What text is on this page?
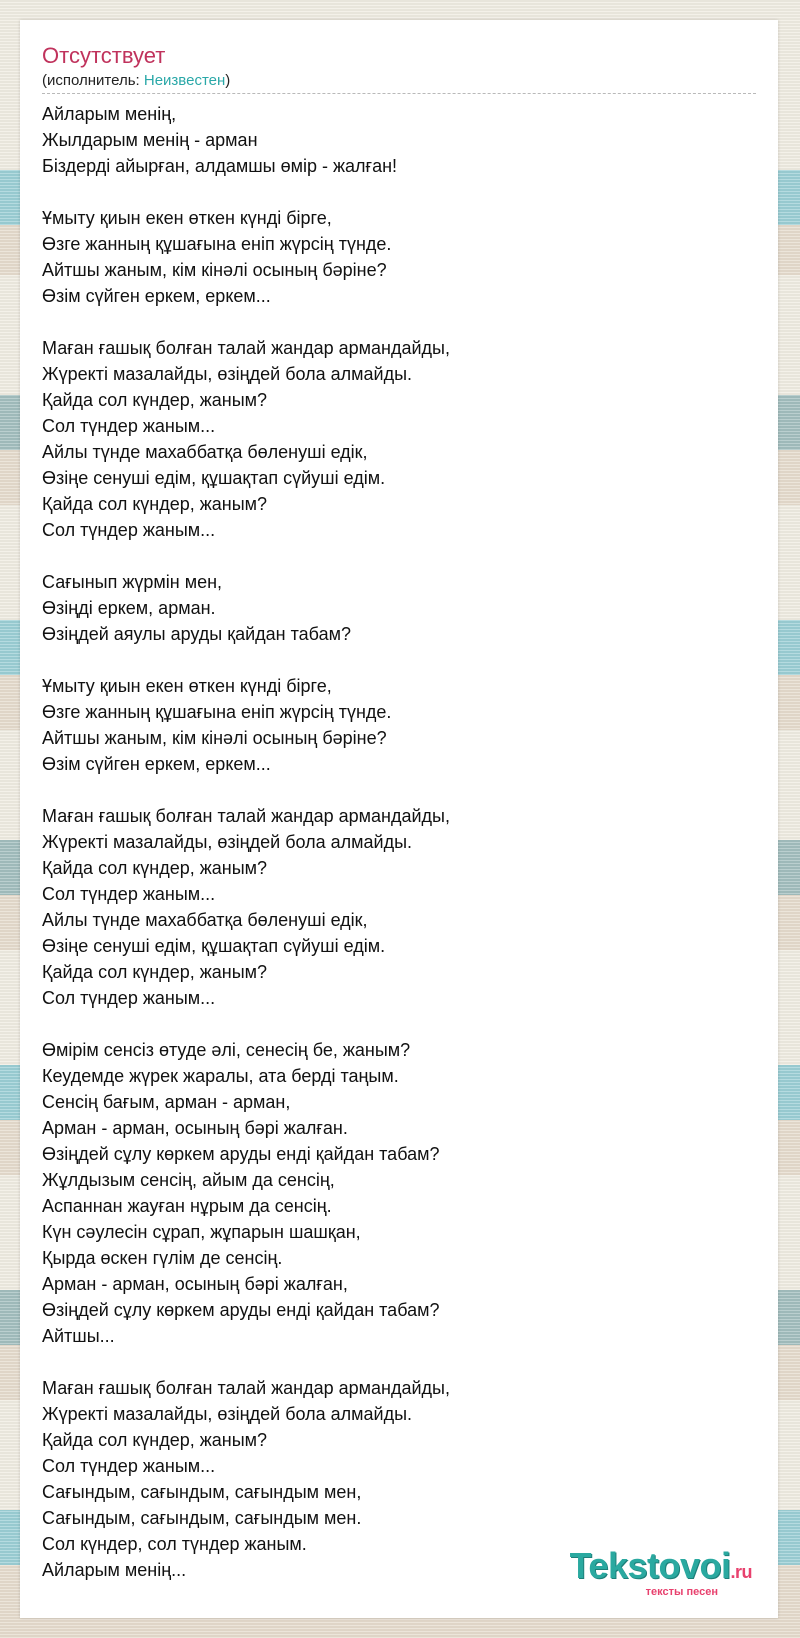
Отсутствует
(исполнитель: Неизвестен)
Айларым менің,
Жылдарым менің - арман
Біздерді айырған, алдамшы өмір - жалған!
Ұмыту қиын екен өткен күнді бірге,
Өзге жанның құшағына еніп жүрсің түнде.
Айтшы жаным, кім кінәлі осының бәріне?
Өзім сүйген еркем, еркем...
Маған ғашық болған талай жандар армандайды,
Жүректі мазалайды, өзіңдей бола алмайды.
Қайда сол күндер, жаным?
Сол түндер жаным...
Айлы түнде махаббатқа бөленуші едік,
Өзіңе сенуші едім, құшақтап сүйуші едім.
Қайда сол күндер, жаным?
Сол түндер жаным...
Сағынып жүрмін мен,
Өзіңді еркем, арман.
Өзіңдей аяулы аруды қайдан табам?
Ұмыту қиын екен өткен күнді бірге,
Өзге жанның құшағына еніп жүрсің түнде.
Айтшы жаным, кім кінәлі осының бәріне?
Өзім сүйген еркем, еркем...
Маған ғашық болған талай жандар армандайды,
Жүректі мазалайды, өзіңдей бола алмайды.
Қайда сол күндер, жаным?
Сол түндер жаным...
Айлы түнде махаббатқа бөленуші едік,
Өзіңе сенуші едім, құшақтап сүйуші едім.
Қайда сол күндер, жаным?
Сол түндер жаным...
Өмірім сенсіз өтуде әлі, сенесің бе, жаным?
Кеудемде жүрек жаралы, ата берді таңым.
Сенсің бағым, арман - арман,
Арман - арман, осының бәрі жалған.
Өзіңдей сұлу көркем аруды енді қайдан табам?
Жұлдызым сенсің, айым да сенсің,
Аспаннан жауған нұрым да сенсің.
Күн сәулесін сұрап, жұпарын шашқан,
Қырда өскен гүлім де сенсің.
Арман - арман, осының бәрі жалған,
Өзіңдей сұлу көркем аруды енді қайдан табам?
Айтшы...
Маған ғашық болған талай жандар армандайды,
Жүректі мазалайды, өзіңдей бола алмайды.
Қайда сол күндер, жаным?
Сол түндер жаным...
Сағындым, сағындым, сағындым мен,
Сағындым, сағындым, сағындым мен.
Сол күндер, сол түндер жаным.
Айларым менің...	Tekstovoi.ru
тексты песен
